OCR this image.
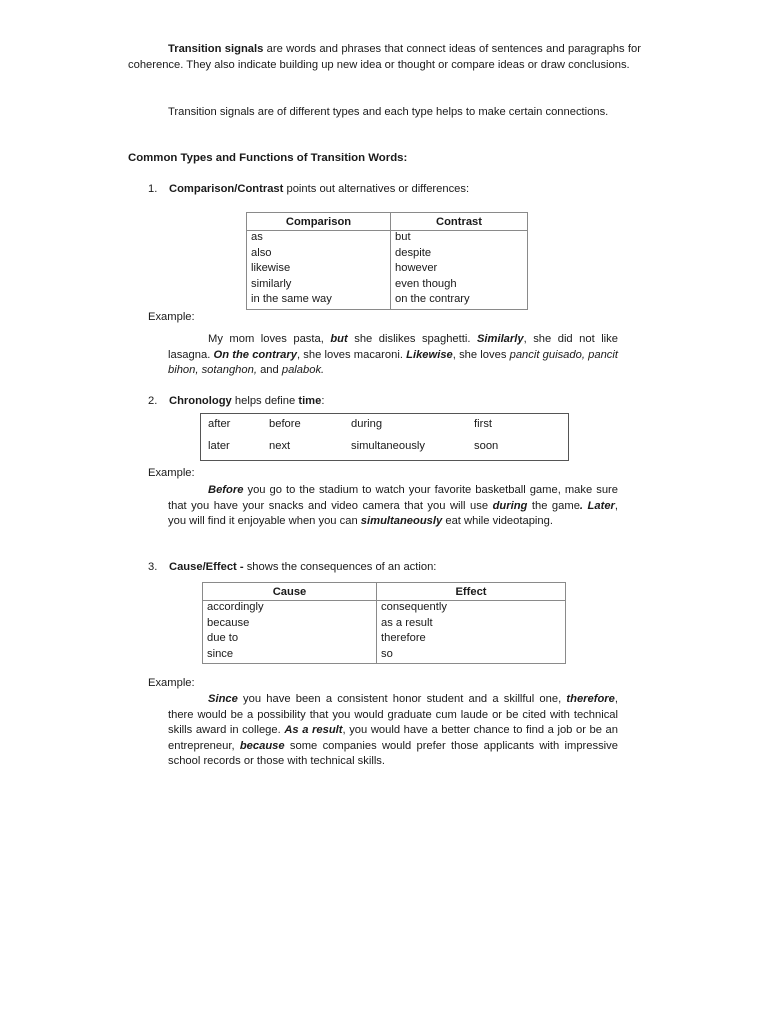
Transition signals are words and phrases that connect ideas of sentences and paragraphs for coherence. They also indicate building up new idea or thought or compare ideas or draw conclusions.

Transition signals are of different types and each type helps to make certain connections.

Common Types and Functions of Transition Words:

1. Comparison/Contrast points out alternatives or differences:

Comparison	Contrast
as	but
also	despite
likewise	however
similarly	even though
in the same way	on the contrary

Example:

My mom loves pasta, but she dislikes spaghetti. Similarly, she did not like lasagna. On the contrary, she loves macaroni. Likewise, she loves pancit guisado, pancit bihon, sotanghon, and palabok.

2. Chronology helps define time:

after	before	during	first
later	next	simultaneously	soon

Example:

Before you go to the stadium to watch your favorite basketball game, make sure that you have your snacks and video camera that you will use during the game. Later, you will find it enjoyable when you can simultaneously eat while videotaping.

3. Cause/Effect - shows the consequences of an action:

Cause	Effect
accordingly	consequently
because	as a result
due to	therefore
since	so

Example:

Since you have been a consistent honor student and a skillful one, therefore, there would be a possibility that you would graduate cum laude or be cited with technical skills award in college. As a result, you would have a better chance to find a job or be an entrepreneur, because some companies would prefer those applicants with impressive school records or those with technical skills.
